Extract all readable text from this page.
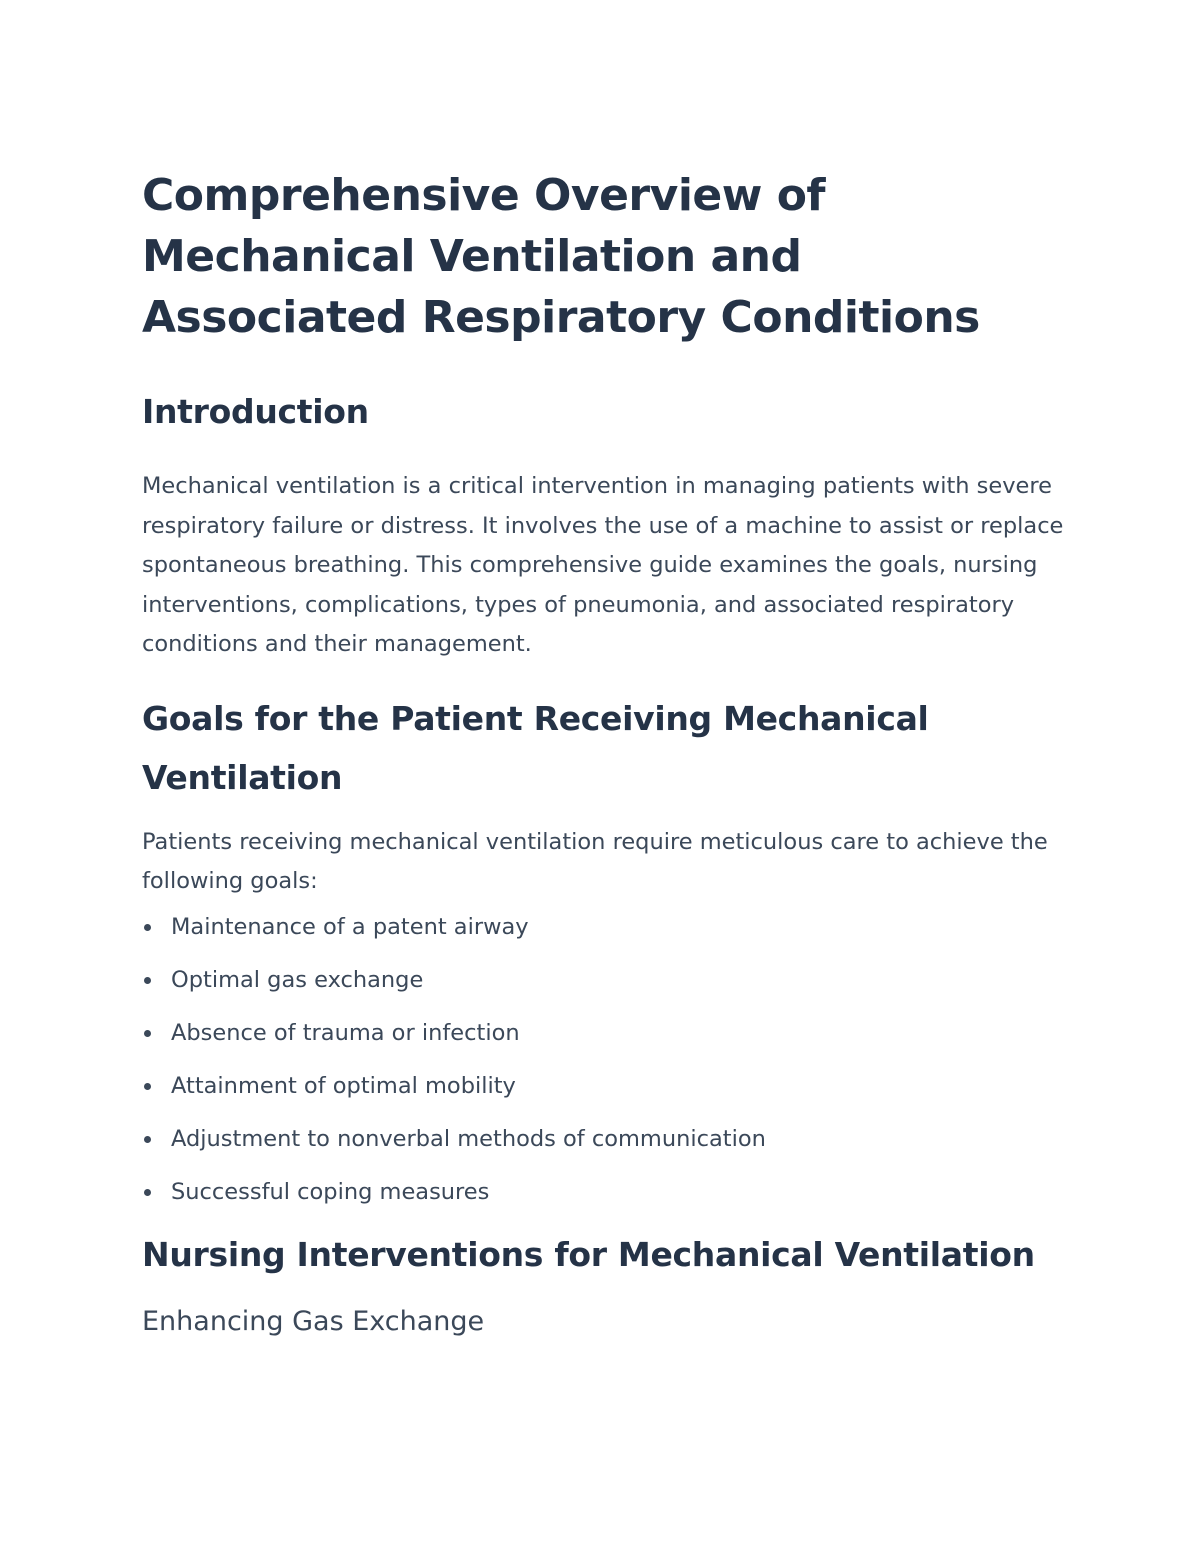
Comprehensive Overview of Mechanical Ventilation and Associated Respiratory Conditions
Introduction

Mechanical ventilation is a critical intervention in managing patients with severe respiratory failure or distress. It involves the use of a machine to assist or replace spontaneous breathing. This comprehensive guide examines the goals, nursing interventions, complications, types of pneumonia, and associated respiratory conditions and their management.

Goals for the Patient Receiving Mechanical Ventilation

Patients receiving mechanical ventilation require meticulous care to achieve the following goals:

Maintenance of a patent airway
Optimal gas exchange
Absence of trauma or infection
Attainment of optimal mobility
Adjustment to nonverbal methods of communication
Successful coping measures
Nursing Interventions for Mechanical Ventilation
Enhancing Gas Exchange
